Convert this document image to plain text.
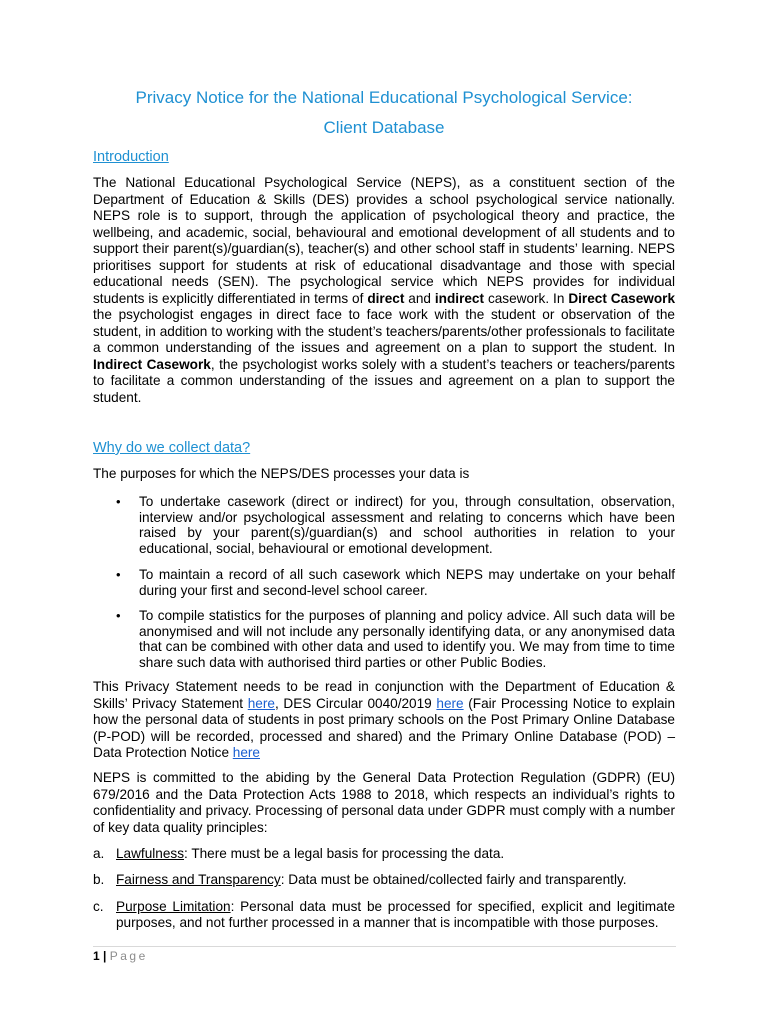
Privacy Notice for the National Educational Psychological Service:
Client Database
Introduction

The National Educational Psychological Service (NEPS), as a constituent section of the Department of Education & Skills (DES) provides a school psychological service nationally. NEPS role is to support, through the application of psychological theory and practice, the wellbeing, and academic, social, behavioural and emotional development of all students and to support their parent(s)/guardian(s), teacher(s) and other school staff in students’ learning. NEPS prioritises support for students at risk of educational disadvantage and those with special educational needs (SEN). The psychological service which NEPS provides for individual students is explicitly differentiated in terms of direct and indirect casework. In Direct Casework the psychologist engages in direct face to face work with the student or observation of the student, in addition to working with the student’s teachers/parents/other professionals to facilitate a common understanding of the issues and agreement on a plan to support the student. In Indirect Casework, the psychologist works solely with a student’s teachers or teachers/parents to facilitate a common understanding of the issues and agreement on a plan to support the student.

Why do we collect data?

The purposes for which the NEPS/DES processes your data is

• To undertake casework (direct or indirect) for you, through consultation, observation, interview and/or psychological assessment and relating to concerns which have been raised by your parent(s)/guardian(s) and school authorities in relation to your educational, social, behavioural or emotional development.

• To maintain a record of all such casework which NEPS may undertake on your behalf during your first and second-level school career.

• To compile statistics for the purposes of planning and policy advice. All such data will be anonymised and will not include any personally identifying data, or any anonymised data that can be combined with other data and used to identify you. We may from time to time share such data with authorised third parties or other Public Bodies.

This Privacy Statement needs to be read in conjunction with the Department of Education & Skills’ Privacy Statement here, DES Circular 0040/2019 here (Fair Processing Notice to explain how the personal data of students in post primary schools on the Post Primary Online Database (P-POD) will be recorded, processed and shared) and the Primary Online Database (POD) – Data Protection Notice here

NEPS is committed to the abiding by the General Data Protection Regulation (GDPR) (EU) 679/2016 and the Data Protection Acts 1988 to 2018, which respects an individual’s rights to confidentiality and privacy. Processing of personal data under GDPR must comply with a number of key data quality principles:

a. Lawfulness: There must be a legal basis for processing the data.
b. Fairness and Transparency: Data must be obtained/collected fairly and transparently.
c. Purpose Limitation: Personal data must be processed for specified, explicit and legitimate purposes, and not further processed in a manner that is incompatible with those purposes.
1 | Page
